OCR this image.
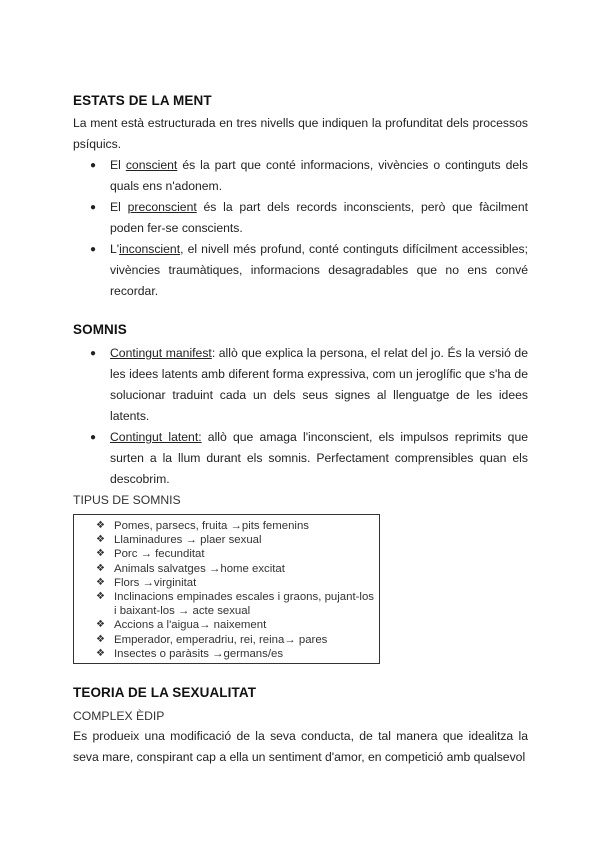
ESTATS DE LA MENT

La ment està estructurada en tres nivells que indiquen la profunditat dels processos psíquics.

● El conscient és la part que conté informacions, vivències o continguts dels quals ens n'adonem.
● El preconscient és la part dels records inconscients, però que fàcilment poden fer-se conscients.
● L'inconscient, el nivell més profund, conté continguts difícilment accessibles; vivències traumàtiques, informacions desagradables que no ens convé recordar.
SOMNIS
● Contingut manifest: allò que explica la persona, el relat del jo. És la versió de les idees latents amb diferent forma expressiva, com un jeroglífic que s'ha de solucionar traduint cada un dels seus signes al llenguatge de les idees latents.
● Contingut latent: allò que amaga l'inconscient, els impulsos reprimits que surten a la llum durant els somnis. Perfectament comprensibles quan els descobrim.
TIPUS DE SOMNIS
❖ Pomes, parsecs, fruita →pits femenins
❖ Llaminadures → plaer sexual
❖ Porc → fecunditat
❖ Animals salvatges →home excitat
❖ Flors →virginitat
❖ Inclinacions empinades escales i graons, pujant-los i baixant-los → acte sexual
❖ Accions a l'aigua→ naixement
❖ Emperador, emperadriu, rei, reina→ pares
❖ Insectes o paràsits →germans/es
TEORIA DE LA SEXUALITAT
COMPLEX ÈDIP

Es produeix una modificació de la seva conducta, de tal manera que idealitza la seva mare, conspirant cap a ella un sentiment d'amor, en competició amb qualsevol
